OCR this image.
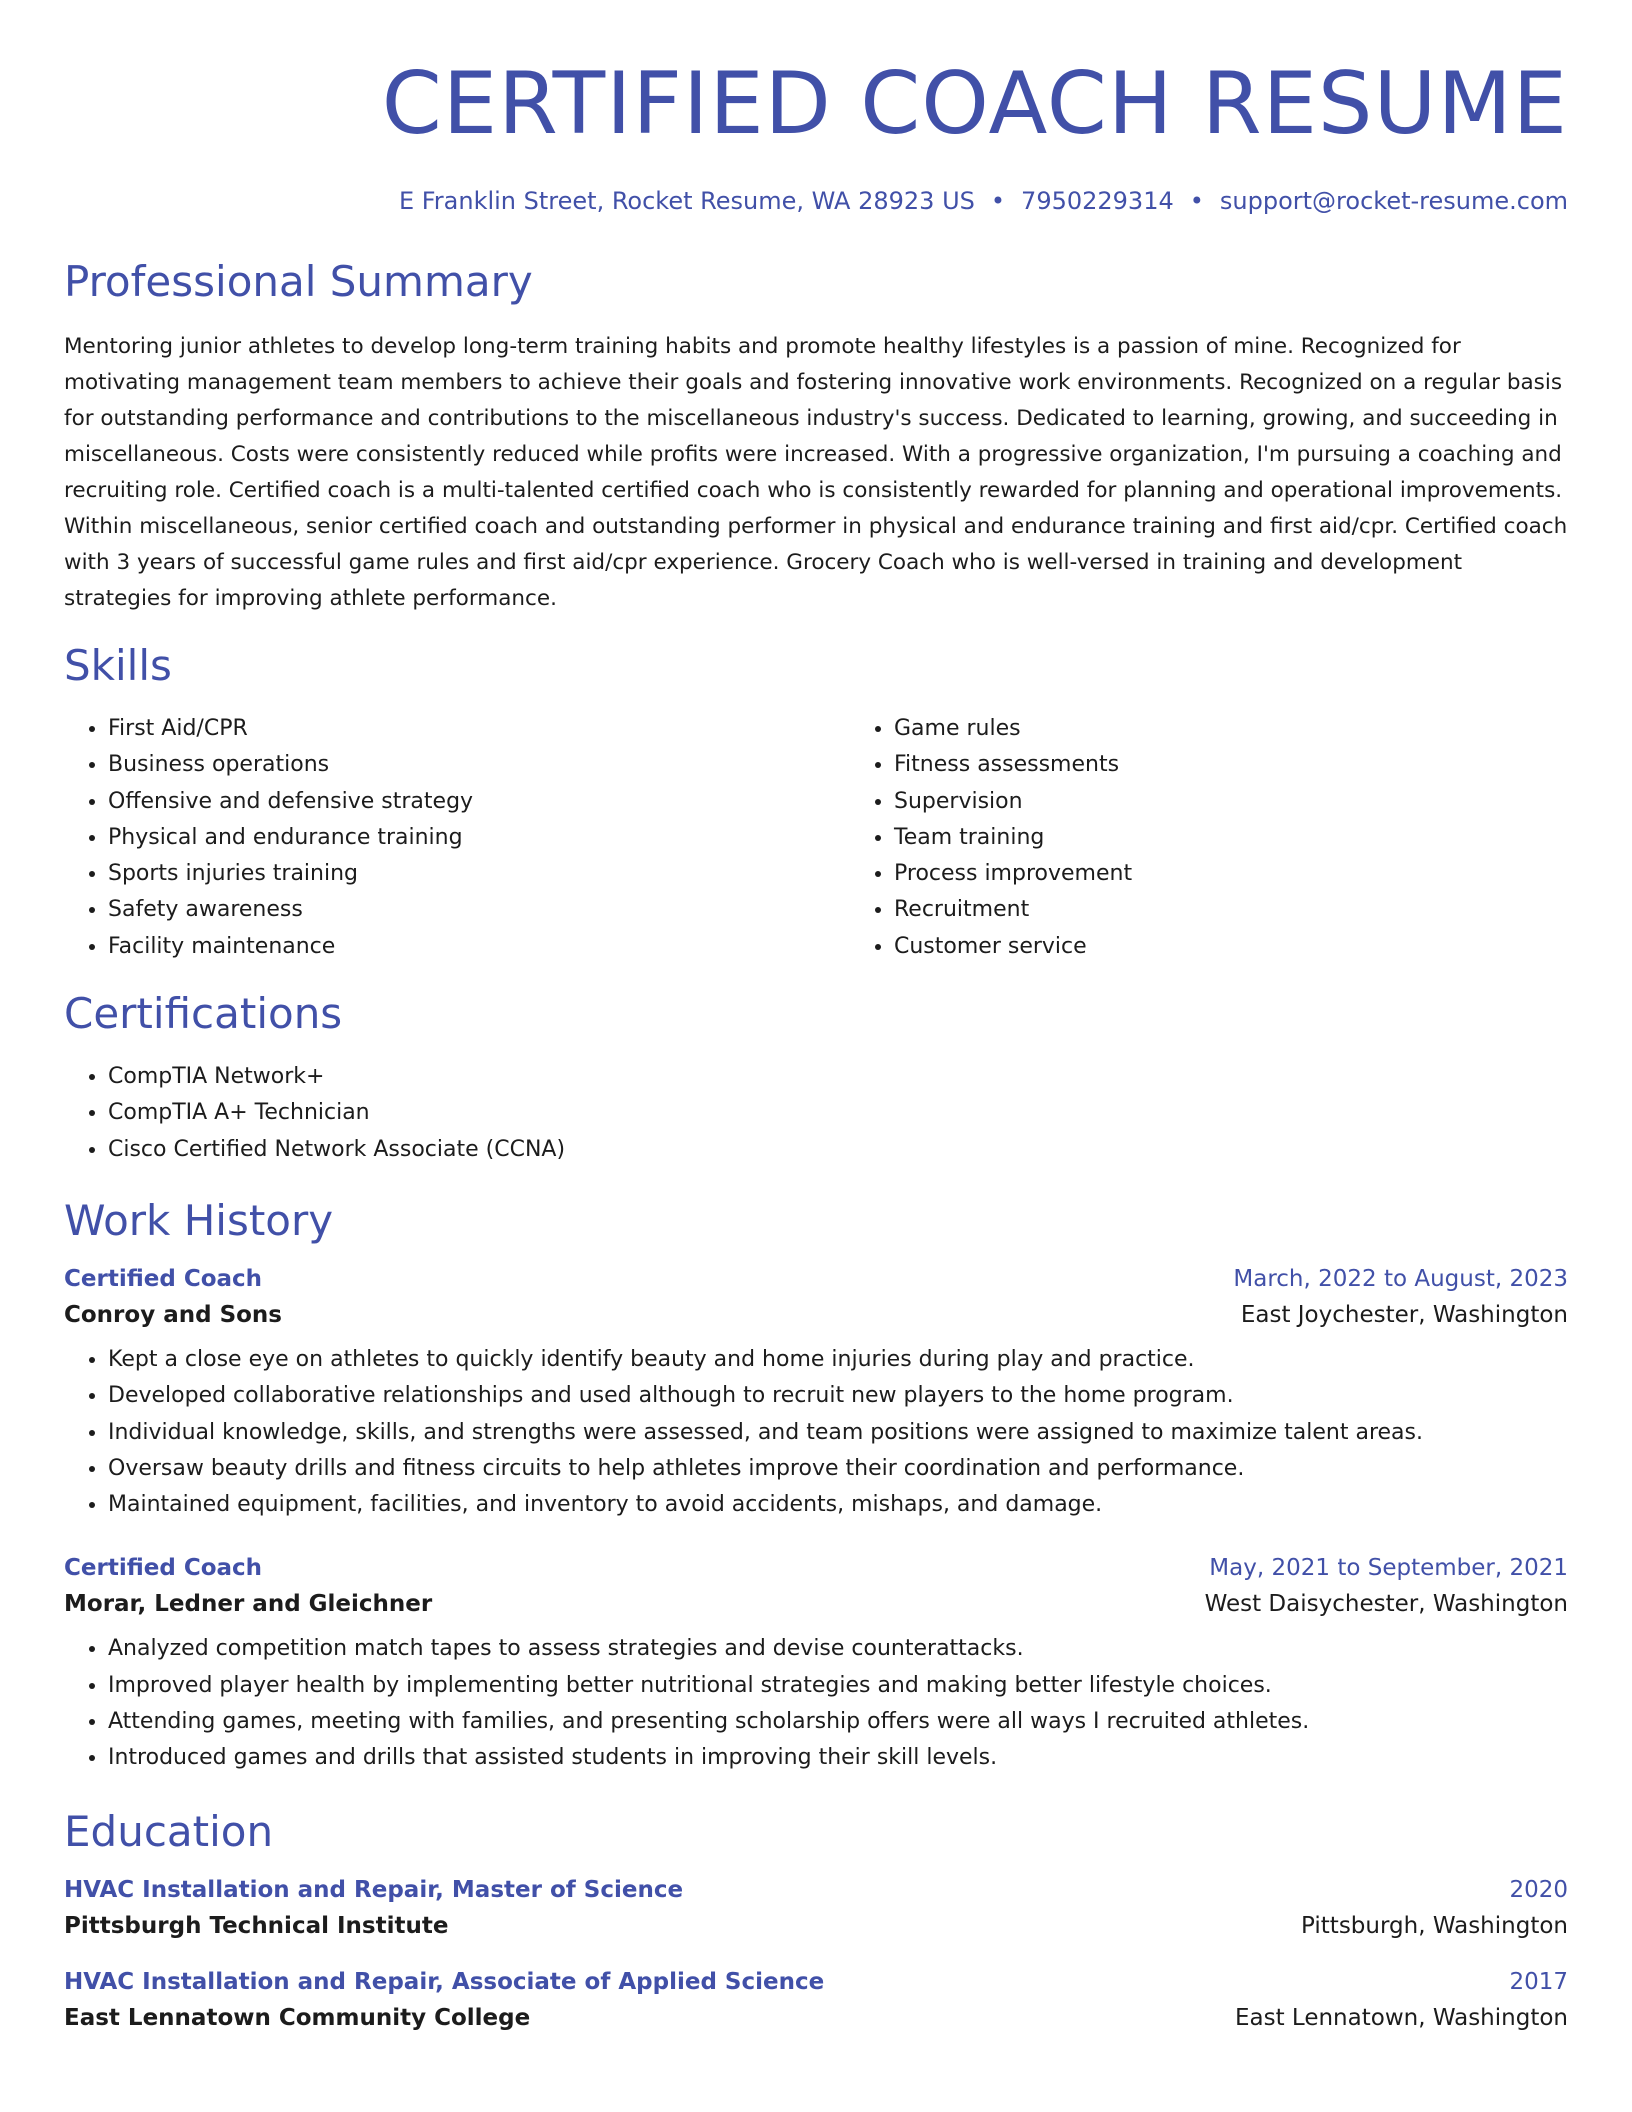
CERTIFIED COACH RESUME
E Franklin Street, Rocket Resume, WA 28923 US • 7950229314 • support@rocket-resume.com
Professional Summary

Mentoring junior athletes to develop long-term training habits and promote healthy lifestyles is a passion of mine. Recognized for motivating management team members to achieve their goals and fostering innovative work environments. Recognized on a regular basis for outstanding performance and contributions to the miscellaneous industry's success. Dedicated to learning, growing, and succeeding in miscellaneous. Costs were consistently reduced while profits were increased. With a progressive organization, I'm pursuing a coaching and recruiting role. Certified coach is a multi-talented certified coach who is consistently rewarded for planning and operational improvements. Within miscellaneous, senior certified coach and outstanding performer in physical and endurance training and first aid/cpr. Certified coach with 3 years of successful game rules and first aid/cpr experience. Grocery Coach who is well-versed in training and development strategies for improving athlete performance.

Skills
• First Aid/CPR
• Business operations
• Offensive and defensive strategy
• Physical and endurance training
• Sports injuries training
• Safety awareness
• Facility maintenance
• Game rules
• Fitness assessments
• Supervision
• Team training
• Process improvement
• Recruitment
• Customer service
Certifications
• CompTIA Network+
• CompTIA A+ Technician
• Cisco Certified Network Associate (CCNA)
Work History
Certified Coach	March, 2022 to August, 2023
Conroy and Sons	East Joychester, Washington
• Kept a close eye on athletes to quickly identify beauty and home injuries during play and practice.
• Developed collaborative relationships and used although to recruit new players to the home program.
• Individual knowledge, skills, and strengths were assessed, and team positions were assigned to maximize talent areas.
• Oversaw beauty drills and fitness circuits to help athletes improve their coordination and performance.
• Maintained equipment, facilities, and inventory to avoid accidents, mishaps, and damage.
Certified Coach	May, 2021 to September, 2021
Morar, Ledner and Gleichner	West Daisychester, Washington
• Analyzed competition match tapes to assess strategies and devise counterattacks.
• Improved player health by implementing better nutritional strategies and making better lifestyle choices.
• Attending games, meeting with families, and presenting scholarship offers were all ways I recruited athletes.
• Introduced games and drills that assisted students in improving their skill levels.
Education
HVAC Installation and Repair, Master of Science	2020
Pittsburgh Technical Institute	Pittsburgh, Washington
HVAC Installation and Repair, Associate of Applied Science	2017
East Lennatown Community College	East Lennatown, Washington
